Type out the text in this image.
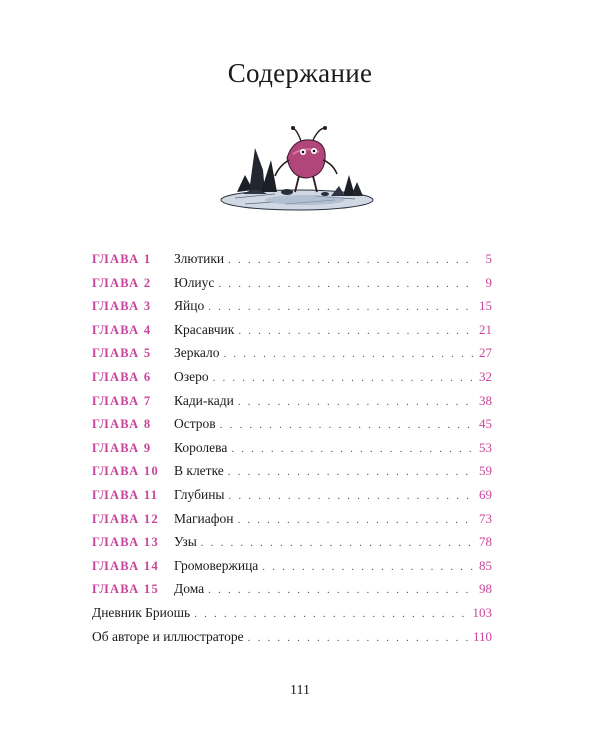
Содержание
ГЛАВА 1	Злютики . . .	5
ГЛАВА 2	Юлиус . . .	9
ГЛАВА 3	Яйцо . . .	15
ГЛАВА 4	Красавчик . . .	21
ГЛАВА 5	Зеркало . . .	27
ГЛАВА 6	Озеро . . .	32
ГЛАВА 7	Кади-кади . . .	38
ГЛАВА 8	Остров . . .	45
ГЛАВА 9	Королева . . .	53
ГЛАВА 10	В клетке . . .	59
ГЛАВА 11	Глубины . . .	69
ГЛАВА 12	Магиафон . . .	73
ГЛАВА 13	Узы . . .	78
ГЛАВА 14	Громовержица . . .	85
ГЛАВА 15	Дома . . .	98
Дневник Бриошь . . .	103
Об авторе и иллюстраторе . . .	110
111
